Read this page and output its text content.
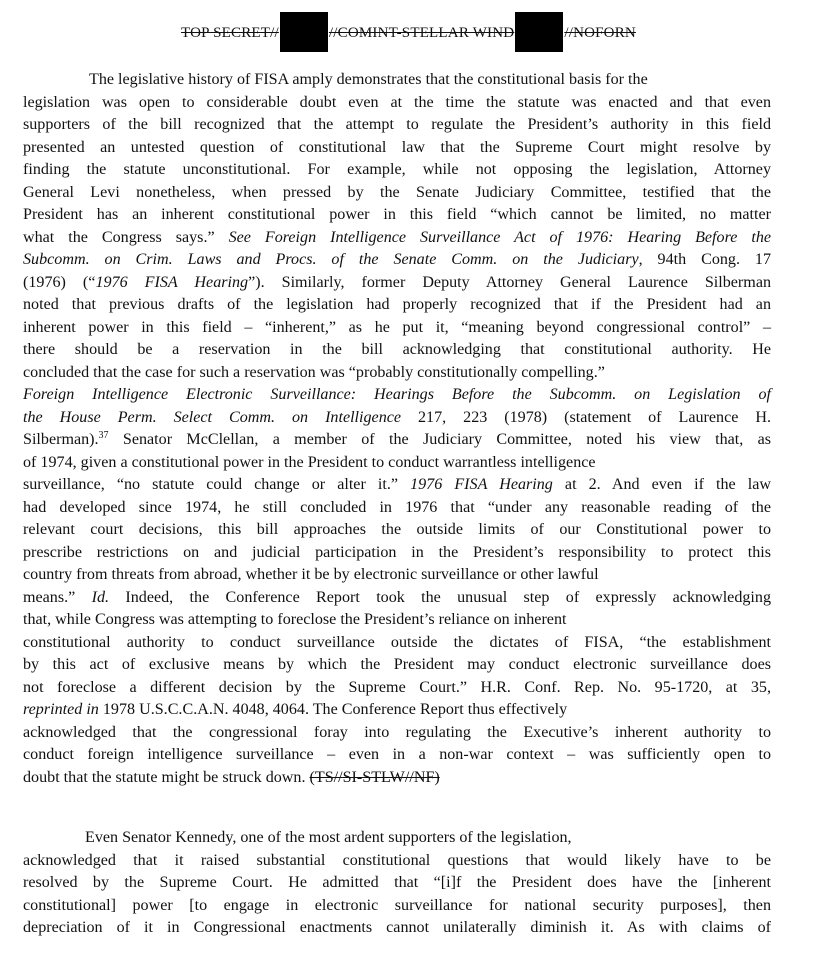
TOP SECRET//	//COMINT-STELLAR WIND	//NOFORN
The legislative history of FISA amply demonstrates that the constitutional basis for the
legislation was open to considerable doubt even at the time the statute was enacted and that even
supporters of the bill recognized that the attempt to regulate the President’s authority in this field
presented an untested question of constitutional law that the Supreme Court might resolve by
finding the statute unconstitutional. For example, while not opposing the legislation, Attorney
General Levi nonetheless, when pressed by the Senate Judiciary Committee, testified that the
President has an inherent constitutional power in this field “which cannot be limited, no matter
what the Congress says.” See Foreign Intelligence Surveillance Act of 1976: Hearing Before the
Subcomm. on Crim. Laws and Procs. of the Senate Comm. on the Judiciary, 94th Cong. 17
(1976) (“1976 FISA Hearing”). Similarly, former Deputy Attorney General Laurence Silberman
noted that previous drafts of the legislation had properly recognized that if the President had an
inherent power in this field – “inherent,” as he put it, “meaning beyond congressional control” –
there should be a reservation in the bill acknowledging that constitutional authority. He
concluded that the case for such a reservation was “probably constitutionally compelling.”
Foreign Intelligence Electronic Surveillance: Hearings Before the Subcomm. on Legislation of
the House Perm. Select Comm. on Intelligence 217, 223 (1978) (statement of Laurence H.
Silberman).$^{37}$ Senator McClellan, a member of the Judiciary Committee, noted his view that, as
of 1974, given a constitutional power in the President to conduct warrantless intelligence
surveillance, “no statute could change or alter it.” 1976 FISA Hearing at 2. And even if the law
had developed since 1974, he still concluded in 1976 that “under any reasonable reading of the
relevant court decisions, this bill approaches the outside limits of our Constitutional power to
prescribe restrictions on and judicial participation in the President’s responsibility to protect this
country from threats from abroad, whether it be by electronic surveillance or other lawful
means.” Id. Indeed, the Conference Report took the unusual step of expressly acknowledging
that, while Congress was attempting to foreclose the President’s reliance on inherent
constitutional authority to conduct surveillance outside the dictates of FISA, “the establishment
by this act of exclusive means by which the President may conduct electronic surveillance does
not foreclose a different decision by the Supreme Court.” H.R. Conf. Rep. No. 95-1720, at 35,
reprinted in 1978 U.S.C.C.A.N. 4048, 4064. The Conference Report thus effectively
acknowledged that the congressional foray into regulating the Executive’s inherent authority to
conduct foreign intelligence surveillance – even in a non-war context – was sufficiently open to
doubt that the statute might be struck down. (TS//SI-STLW//NF)
Even Senator Kennedy, one of the most ardent supporters of the legislation,
acknowledged that it raised substantial constitutional questions that would likely have to be
resolved by the Supreme Court. He admitted that “[i]f the President does have the [inherent
constitutional] power [to engage in electronic surveillance for national security purposes], then
depreciation of it in Congressional enactments cannot unilaterally diminish it. As with claims of
